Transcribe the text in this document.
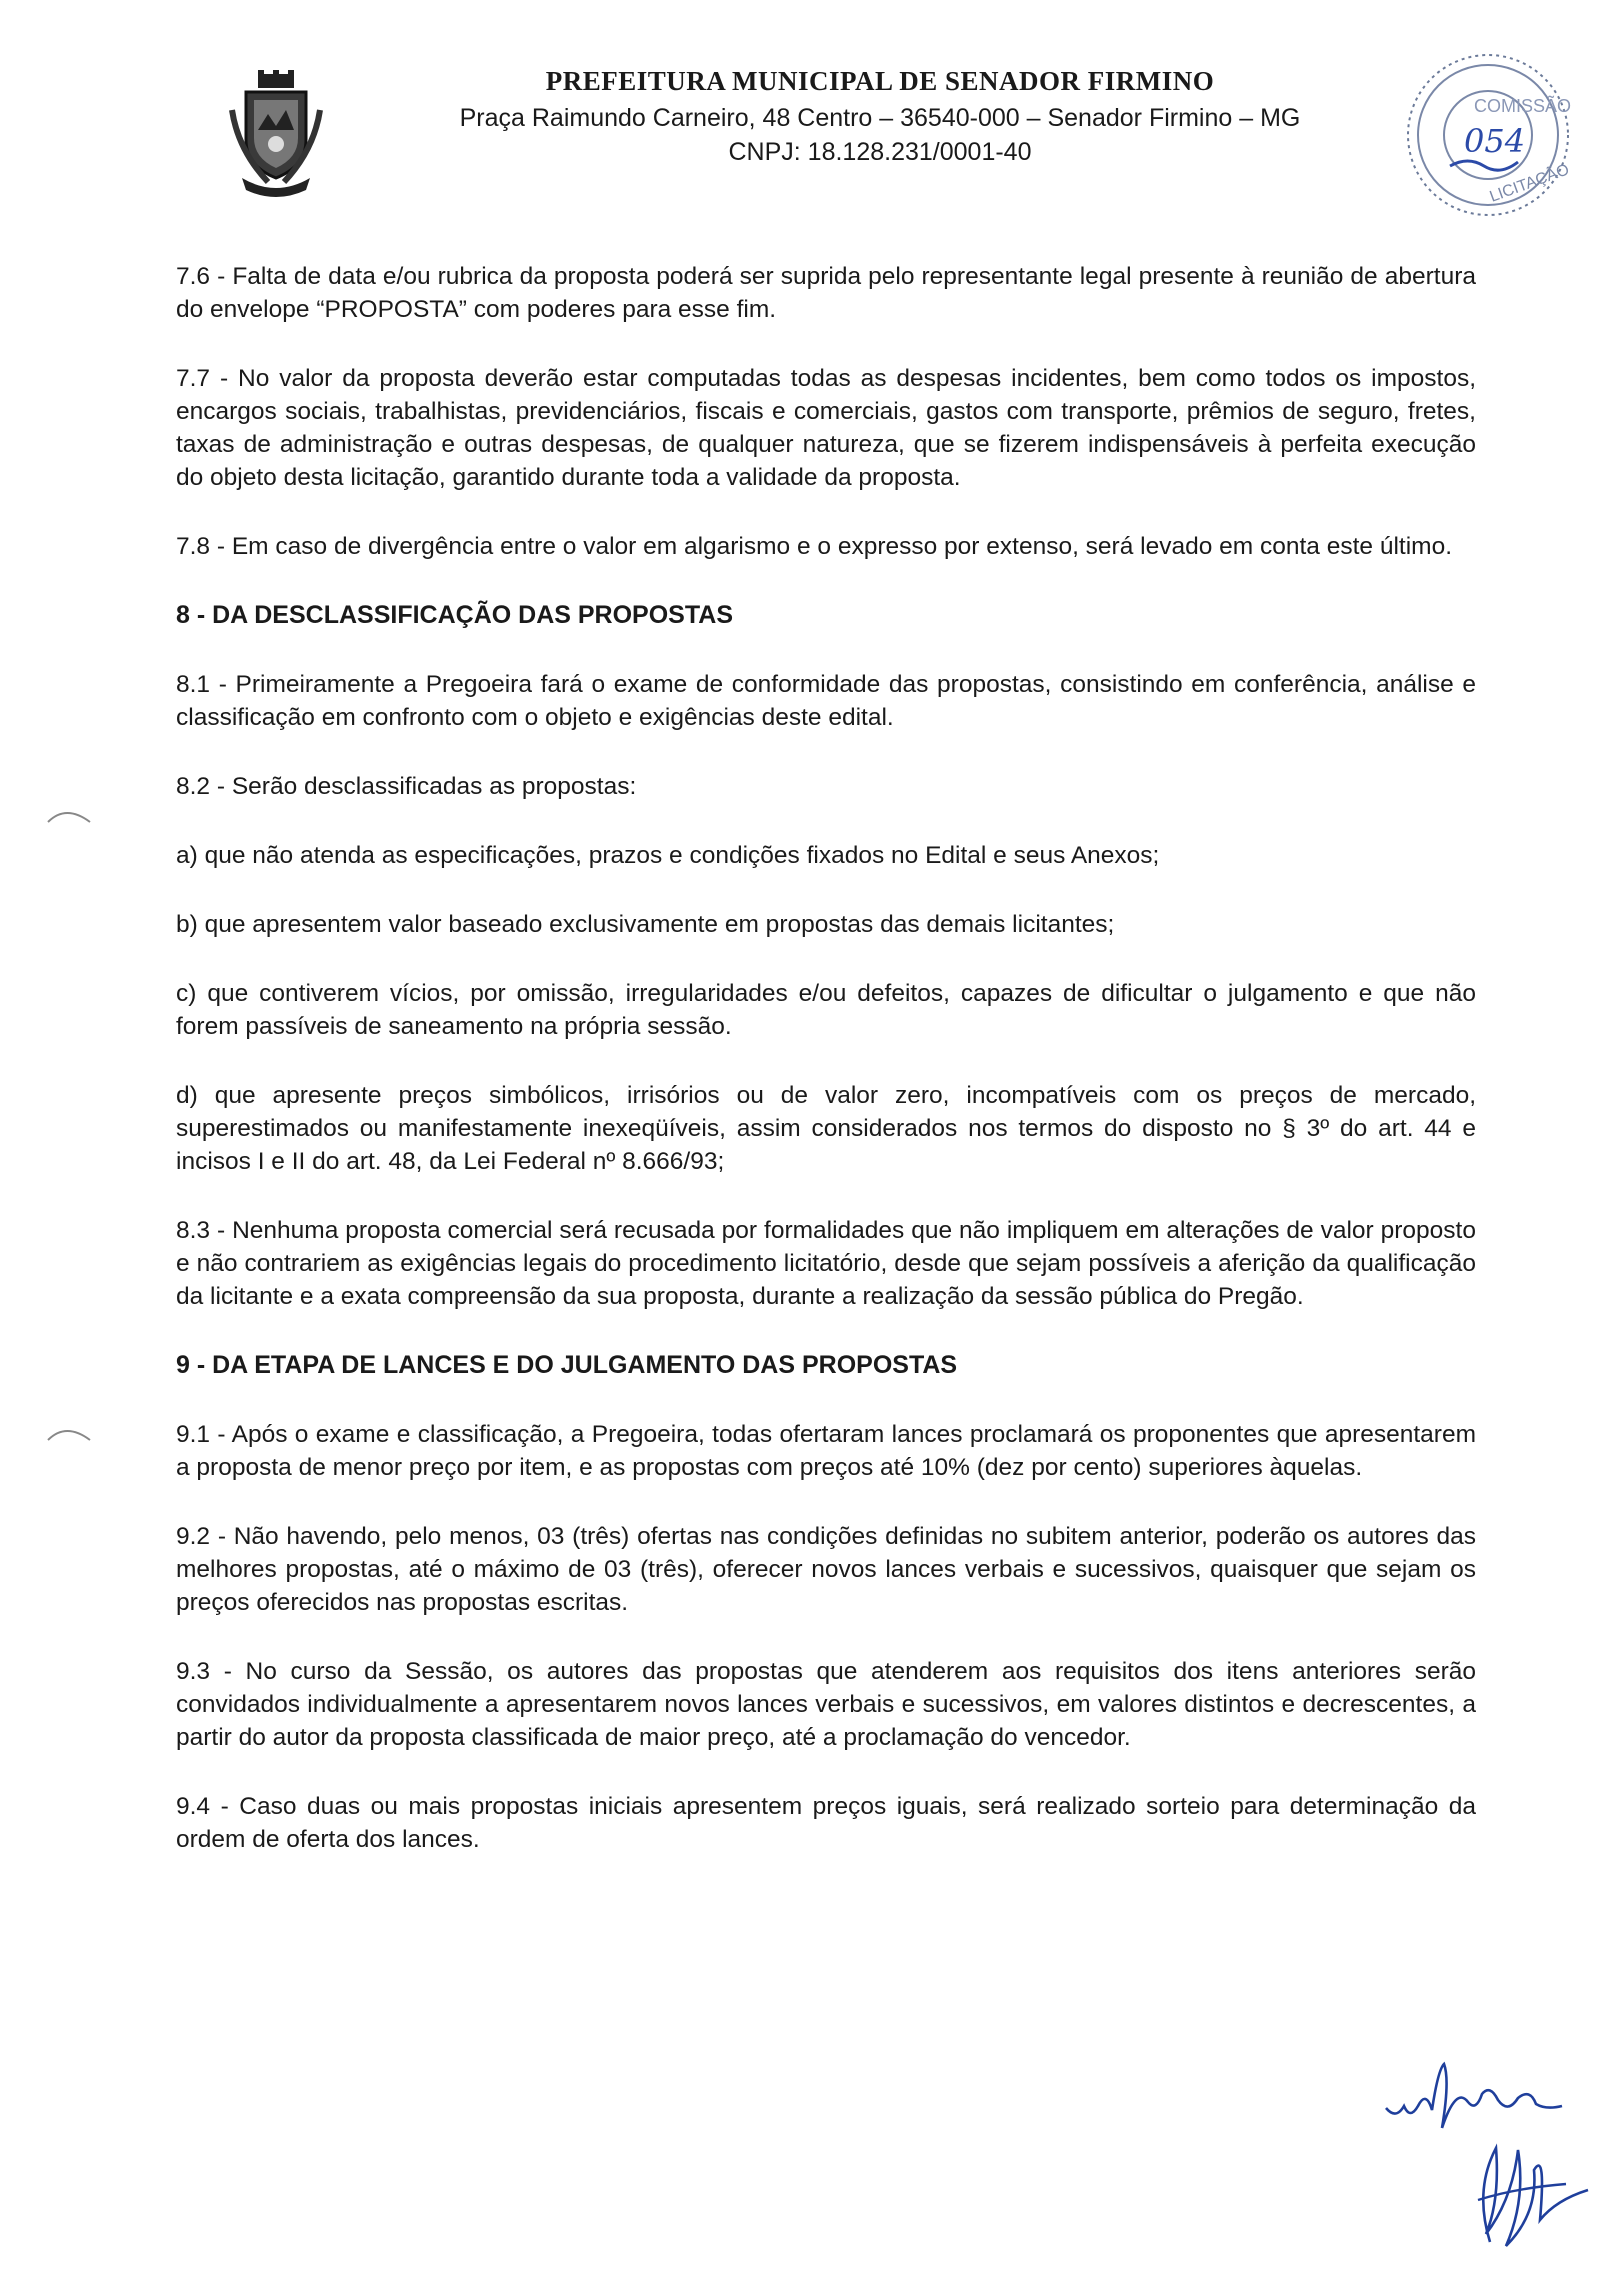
PREFEITURA MUNICIPAL DE SENADOR FIRMINO
Praça Raimundo Carneiro, 48 Centro – 36540-000 – Senador Firmino – MG
CNPJ: 18.128.231/0001-40
COMISSÃO
054
LICITAÇÃO

7.6 - Falta de data e/ou rubrica da proposta poderá ser suprida pelo representante legal presente à reunião de abertura do envelope “PROPOSTA” com poderes para esse fim.

7.7 - No valor da proposta deverão estar computadas todas as despesas incidentes, bem como todos os impostos, encargos sociais, trabalhistas, previdenciários, fiscais e comerciais, gastos com transporte, prêmios de seguro, fretes, taxas de administração e outras despesas, de qualquer natureza, que se fizerem indispensáveis à perfeita execução do objeto desta licitação, garantido durante toda a validade da proposta.

7.8 - Em caso de divergência entre o valor em algarismo e o expresso por extenso, será levado em conta este último.

8 - DA DESCLASSIFICAÇÃO DAS PROPOSTAS

8.1 - Primeiramente a Pregoeira fará o exame de conformidade das propostas, consistindo em conferência, análise e classificação em confronto com o objeto e exigências deste edital.

8.2 - Serão desclassificadas as propostas:

a) que não atenda as especificações, prazos e condições fixados no Edital e seus Anexos;

b) que apresentem valor baseado exclusivamente em propostas das demais licitantes;

c) que contiverem vícios, por omissão, irregularidades e/ou defeitos, capazes de dificultar o julgamento e que não forem passíveis de saneamento na própria sessão.

d) que apresente preços simbólicos, irrisórios ou de valor zero, incompatíveis com os preços de mercado, superestimados ou manifestamente inexeqüíveis, assim considerados nos termos do disposto no § 3º do art. 44 e incisos I e II do art. 48, da Lei Federal nº 8.666/93;

8.3 - Nenhuma proposta comercial será recusada por formalidades que não impliquem em alterações de valor proposto e não contrariem as exigências legais do procedimento licitatório, desde que sejam possíveis a aferição da qualificação da licitante e a exata compreensão da sua proposta, durante a realização da sessão pública do Pregão.

9 - DA ETAPA DE LANCES E DO JULGAMENTO DAS PROPOSTAS

9.1 - Após o exame e classificação, a Pregoeira, todas ofertaram lances proclamará os proponentes que apresentarem a proposta de menor preço por item, e as propostas com preços até 10% (dez por cento) superiores àquelas.

9.2 - Não havendo, pelo menos, 03 (três) ofertas nas condições definidas no subitem anterior, poderão os autores das melhores propostas, até o máximo de 03 (três), oferecer novos lances verbais e sucessivos, quaisquer que sejam os preços oferecidos nas propostas escritas.

9.3 - No curso da Sessão, os autores das propostas que atenderem aos requisitos dos itens anteriores serão convidados individualmente a apresentarem novos lances verbais e sucessivos, em valores distintos e decrescentes, a partir do autor da proposta classificada de maior preço, até a proclamação do vencedor.

9.4 - Caso duas ou mais propostas iniciais apresentem preços iguais, será realizado sorteio para determinação da ordem de oferta dos lances.
